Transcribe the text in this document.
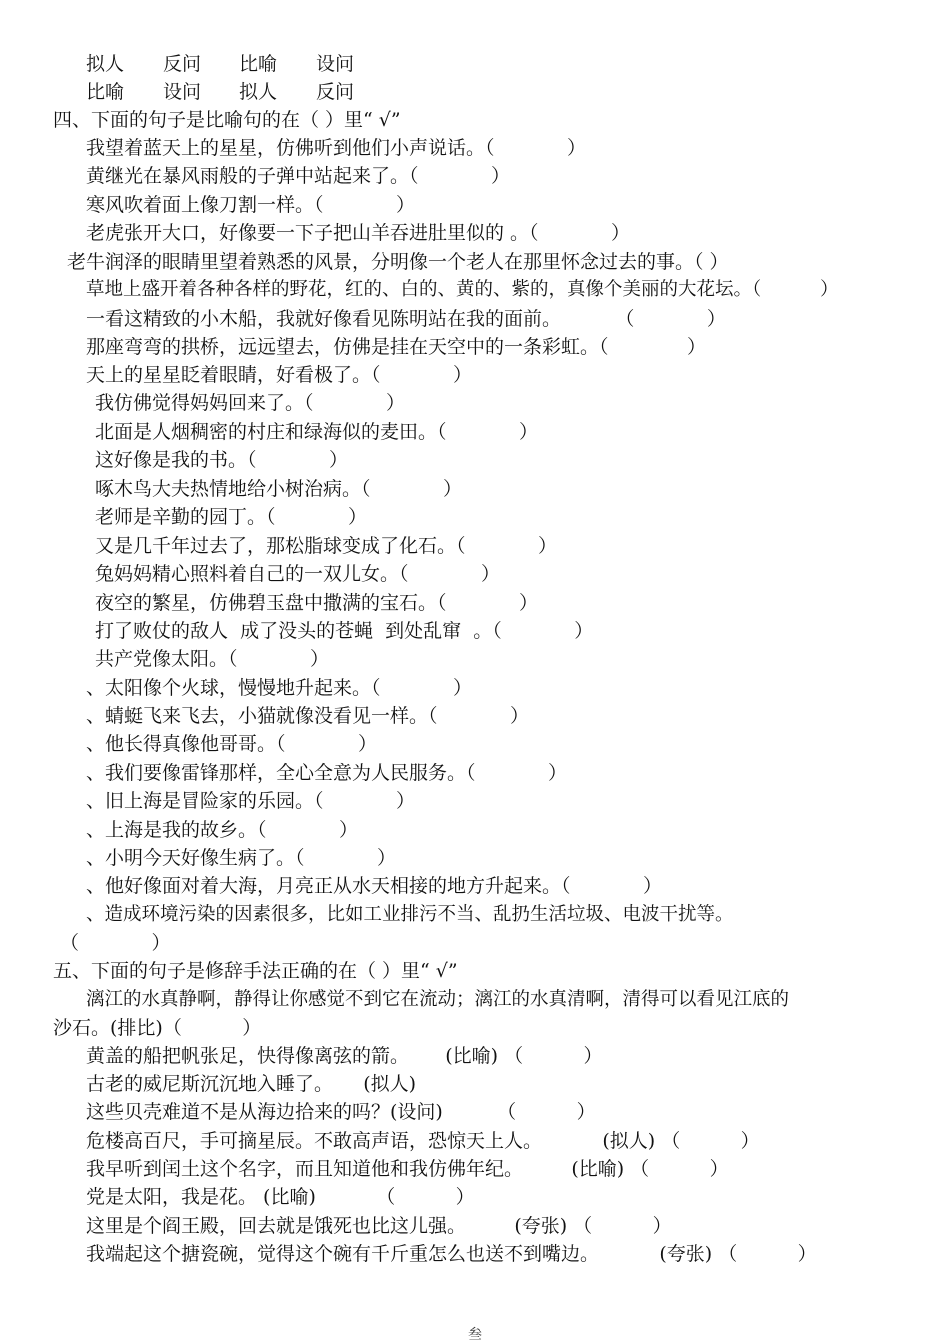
拟人 反问 比喻 设问
比喻 设问 拟人 反问
四、下面的句子是比喻句的在（ ）里“ √”
我望着蓝天上的星星，仿佛听到他们小声说话。（            ）
黄继光在暴风雨般的子弹中站起来了。（            ）
寒风吹着面上像刀割一样。（            ）
老虎张开大口，好像要一下子把山羊吞进肚里似的 。（            ）
老牛润泽的眼睛里望着熟悉的风景，分明像一个老人在那里怀念过去的事。（ ）
草地上盛开着各种各样的野花，红的、白的、黄的、紫的，真像个美丽的大花坛。（          ）
一看这精致的小木船，我就好像看见陈明站在我的面前。         （            ）
那座弯弯的拱桥，远远望去，仿佛是挂在天空中的一条彩虹。（             ）
天上的星星眨着眼睛，好看极了。（            ）
我仿佛觉得妈妈回来了。（            ）
北面是人烟稠密的村庄和绿海似的麦田。（            ）
这好像是我的书。（            ）
啄木鸟大夫热情地给小树治病。（            ）
老师是辛勤的园丁。（            ）
又是几千年过去了，那松脂球变成了化石。（            ）
兔妈妈精心照料着自己的一双儿女。（            ）
夜空的繁星，仿佛碧玉盘中撒满的宝石。（            ）
打了败仗的敌人  成了没头的苍蝇  到处乱窜  。（            ）
共产党像太阳。（            ）
、太阳像个火球，慢慢地升起来。（            ）
、蜻蜓飞来飞去，小猫就像没看见一样。（            ）
、他长得真像他哥哥。（            ）
、我们要像雷锋那样，全心全意为人民服务。（            ）
、旧上海是冒险家的乐园。（            ）
、上海是我的故乡。（            ）
、小明今天好像生病了。（            ）
、他好像面对着大海，月亮正从水天相接的地方升起来。（            ）
、造成环境污染的因素很多，比如工业排污不当、乱扔生活垃圾、电波干扰等。
（            ）
五、下面的句子是修辞手法正确的在（ ）里“ √”
漓江的水真静啊，静得让你感觉不到它在流动；漓江的水真清啊，清得可以看见江底的
沙石。(排比)（          ）
黄盖的船把帆张足，快得像离弦的箭。      (比喻) （          ）
古老的威尼斯沉沉地入睡了。     (拟人)
这些贝壳难道不是从海边拾来的吗？(设问)         （          ）
危楼高百尺，手可摘星辰。不敢高声语，恐惊天上人。          (拟人) （          ）
我早听到闰土这个名字，而且知道他和我仿佛年纪。        (比喻) （          ）
党是太阳，我是花。 (比喻)          （          ）
这里是个阎王殿，回去就是饿死也比这儿强。        (夸张) （          ）
我端起这个搪瓷碗，觉得这个碗有千斤重怎么也送不到嘴边。          (夸张) （          ）
叁
